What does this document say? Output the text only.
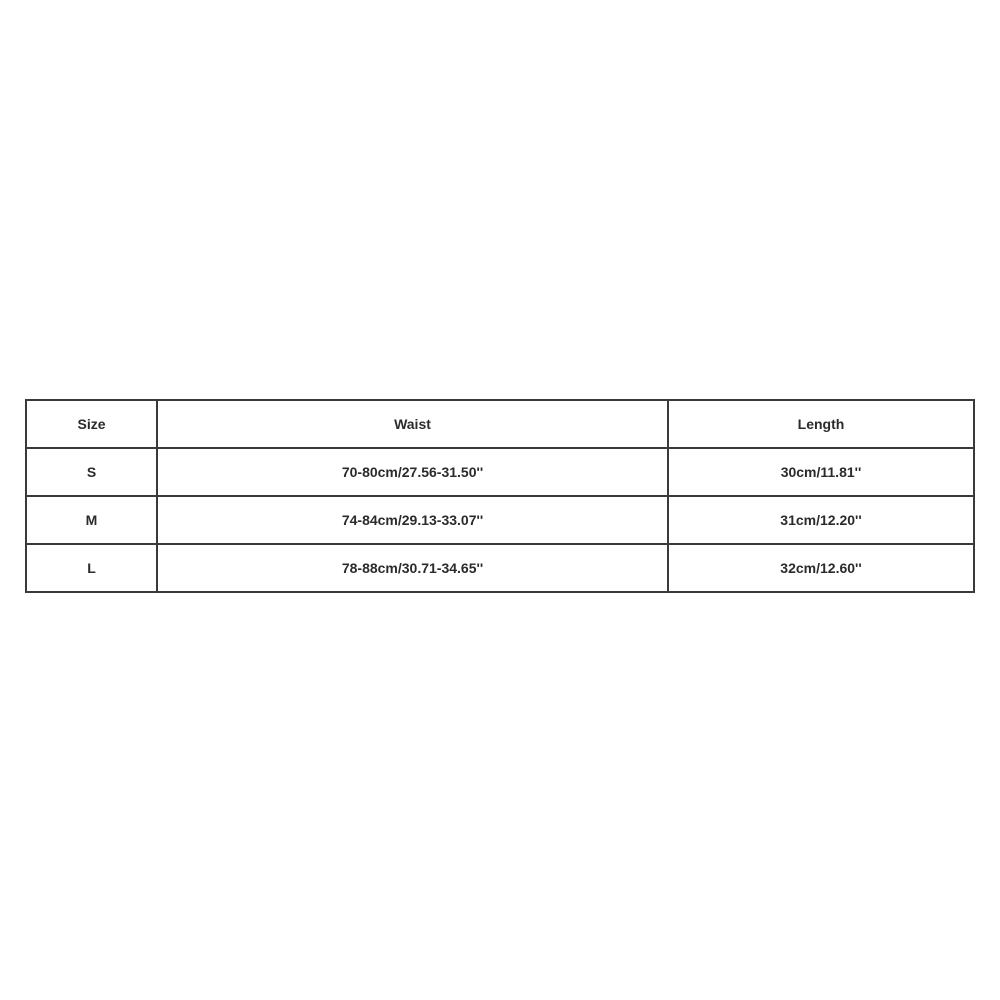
Size	Waist	Length
S	70-80cm/27.56-31.50''	30cm/11.81''
M	74-84cm/29.13-33.07''	31cm/12.20''
L	78-88cm/30.71-34.65''	32cm/12.60''
